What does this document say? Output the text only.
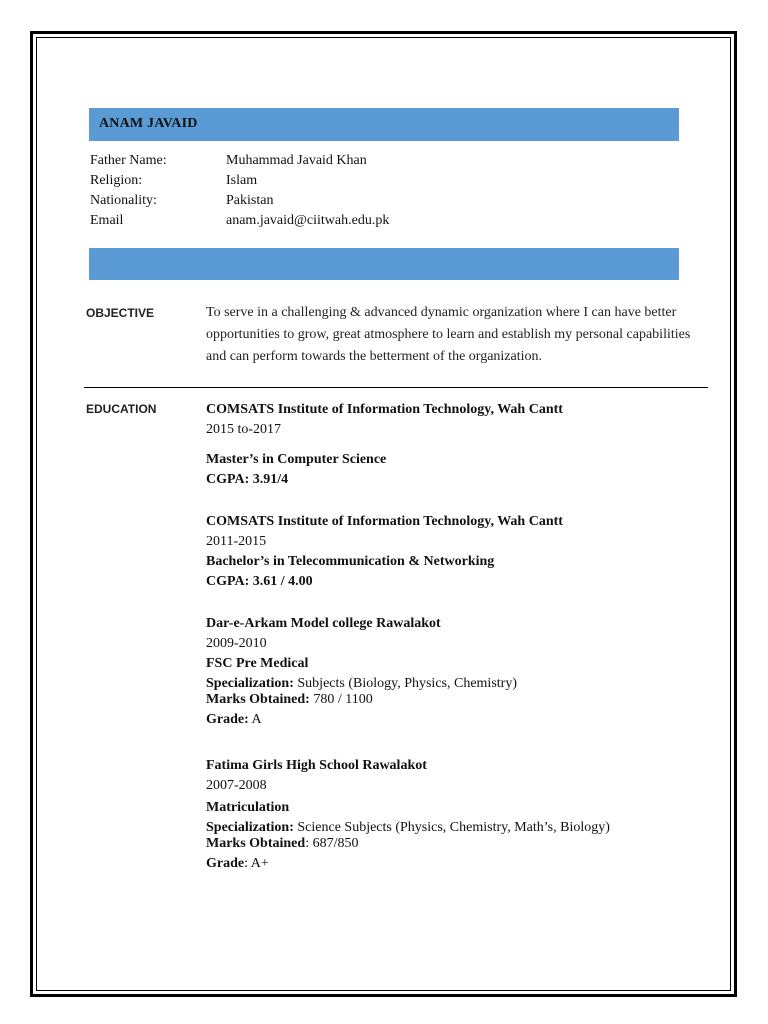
ANAM JAVAID
Father Name:	Muhammad Javaid Khan
Religion:	Islam
Nationality:	Pakistan
Email	anam.javaid@ciitwah.edu.pk
OBJECTIVE	To serve in a challenging & advanced dynamic organization where I can have better opportunities to grow, great atmosphere to learn and establish my personal capabilities and can perform towards the betterment of the organization.
EDUCATION	COMSATS Institute of Information Technology, Wah Cantt
2015 to-2017
Master’s in Computer Science
CGPA: 3.91/4
COMSATS Institute of Information Technology, Wah Cantt
2011-2015
Bachelor’s in Telecommunication & Networking
CGPA: 3.61 / 4.00
Dar-e-Arkam Model college Rawalakot
2009-2010
FSC Pre Medical
Specialization: Subjects (Biology, Physics, Chemistry)
Marks Obtained: 780 / 1100
Grade: A
Fatima Girls High School Rawalakot
2007-2008
Matriculation
Specialization: Science Subjects (Physics, Chemistry, Math’s, Biology)
Marks Obtained: 687/850
Grade: A+
